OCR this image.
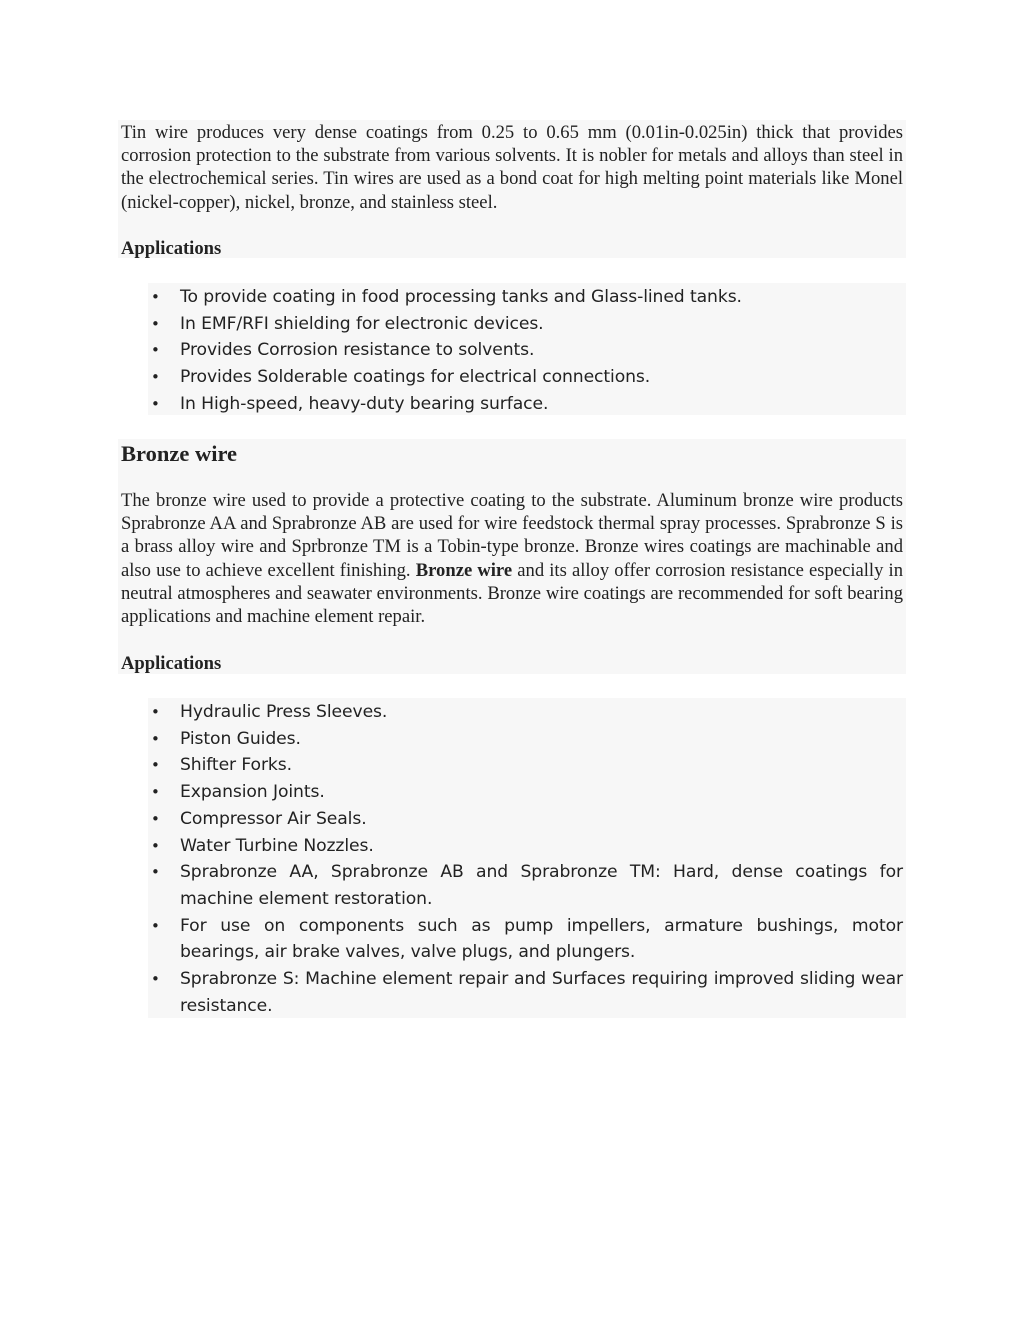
Tin wire produces very dense coatings from 0.25 to 0.65 mm (0.01in-0.025in) thick that provides corrosion protection to the substrate from various solvents. It is nobler for metals and alloys than steel in the electrochemical series. Tin wires are used as a bond coat for high melting point materials like Monel (nickel-copper), nickel, bronze, and stainless steel.

Applications

• To provide coating in food processing tanks and Glass-lined tanks.
• In EMF/RFI shielding for electronic devices.
• Provides Corrosion resistance to solvents.
• Provides Solderable coatings for electrical connections.
• In High-speed, heavy-duty bearing surface.
Bronze wire

The bronze wire used to provide a protective coating to the substrate. Aluminum bronze wire products Sprabronze AA and Sprabronze AB are used for wire feedstock thermal spray processes. Sprabronze S is a brass alloy wire and Sprbronze TM is a Tobin-type bronze. Bronze wires coatings are machinable and also use to achieve excellent finishing. Bronze wire and its alloy offer corrosion resistance especially in neutral atmospheres and seawater environments. Bronze wire coatings are recommended for soft bearing applications and machine element repair.

Applications

• Hydraulic Press Sleeves.
• Piston Guides.
• Shifter Forks.
• Expansion Joints.
• Compressor Air Seals.
• Water Turbine Nozzles.
• Sprabronze AA, Sprabronze AB and Sprabronze TM: Hard, dense coatings for machine element restoration.
• For use on components such as pump impellers, armature bushings, motor bearings, air brake valves, valve plugs, and plungers.
• Sprabronze S: Machine element repair and Surfaces requiring improved sliding wear resistance.
